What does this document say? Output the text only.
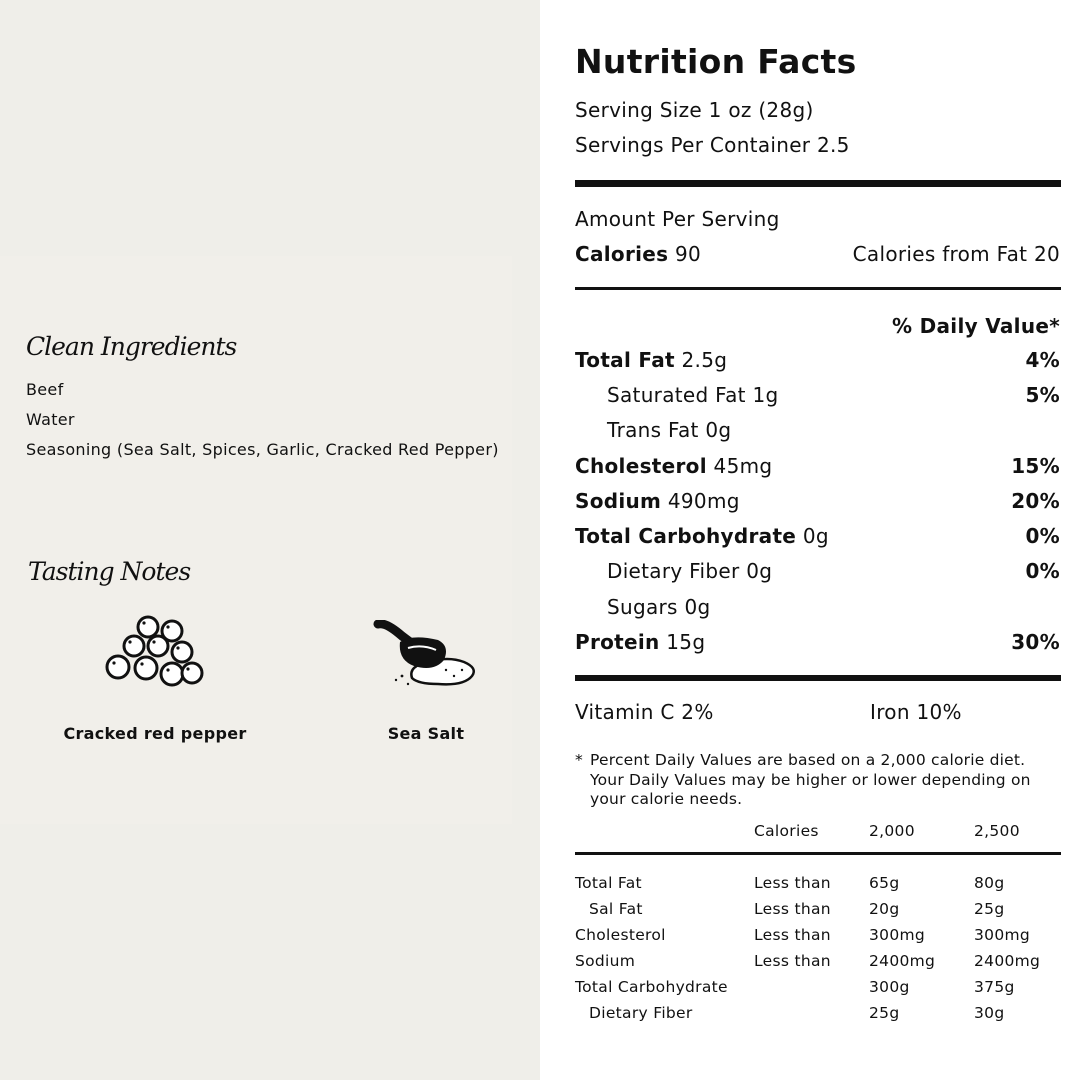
Clean Ingredients
Beef
Water
Seasoning (Sea Salt, Spices, Garlic, Cracked Red Pepper)
Tasting Notes
Cracked red pepper	Sea Salt
Nutrition Facts
Serving Size 1 oz (28g)
Servings Per Container 2.5
Amount Per Serving
Calories 90	Calories from Fat 20
% Daily Value*
Total Fat 2.5g	4%
Saturated Fat 1g	5%
Trans Fat 0g
Cholesterol 45mg	15%
Sodium 490mg	20%
Total Carbohydrate 0g	0%
Dietary Fiber 0g	0%
Sugars 0g
Protein 15g	30%
Vitamin C 2%	Iron 10%
* Percent Daily Values are based on a 2,000 calorie diet. Your Daily Values may be higher or lower depending on your calorie needs.
Calories	2,000	2,500
Total Fat	Less than 65g	80g
Sal Fat	Less than 20g	25g
Cholesterol	Less than 300mg	300mg
Sodium	Less than 2400mg	2400mg
Total Carbohydrate	300g	375g
Dietary Fiber	25g	30g
